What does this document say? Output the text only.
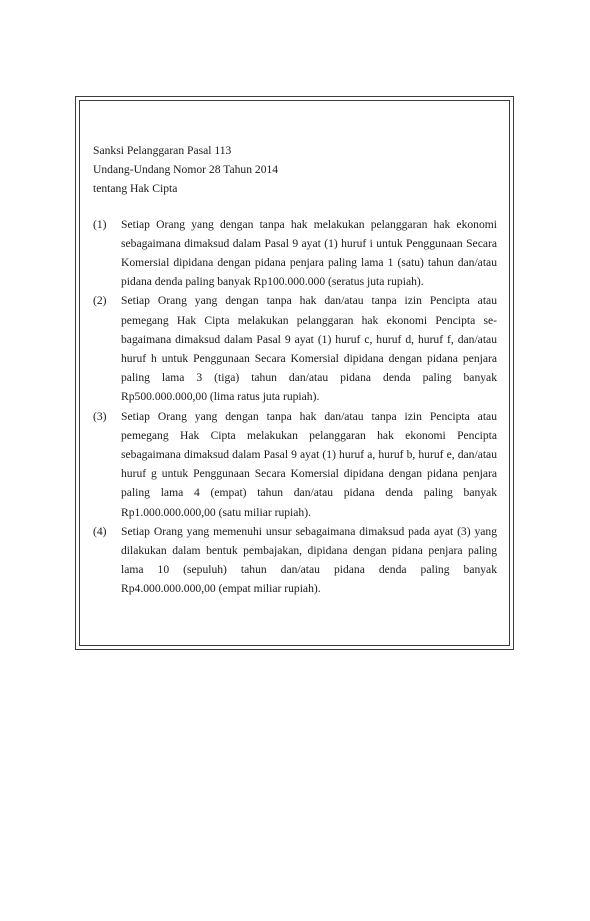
Sanksi Pelanggaran Pasal 113
Undang-Undang Nomor 28 Tahun 2014
tentang Hak Cipta
(1)	Setiap Orang yang dengan tanpa hak melakukan pelanggaran hak ekonomi sebagaimana dimaksud dalam Pasal 9 ayat (1) huruf i untuk Penggunaan Secara Komersial dipidana dengan pidana penjara paling lama 1 (satu) tahun dan/atau pidana denda paling banyak Rp100.000.000 (seratus juta rupiah).
(2)	Setiap Orang yang dengan tanpa hak dan/atau tanpa izin Pencipta atau pemegang Hak Cipta melakukan pelanggaran hak ekonomi Pencipta sebagaimana dimaksud dalam Pasal 9 ayat (1) huruf c, huruf d, huruf f, dan/atau huruf h untuk Penggunaan Secara Komersial dipidana dengan pidana penjara paling lama 3 (tiga) tahun dan/atau pidana denda paling banyak Rp500.000.000,00 (lima ratus juta rupiah).
(3)	Setiap Orang yang dengan tanpa hak dan/atau tanpa izin Pencipta atau pemegang Hak Cipta melakukan pelanggaran hak ekonomi Pencipta sebagaimana dimaksud dalam Pasal 9 ayat (1) huruf a, huruf b, huruf e, dan/atau huruf g untuk Penggunaan Secara Komersial dipidana dengan pidana penjara paling lama 4 (empat) tahun dan/atau pidana denda paling banyak Rp1.000.000.000,00 (satu miliar rupiah).
(4)	Setiap Orang yang memenuhi unsur sebagaimana dimaksud pada ayat (3) yang dilakukan dalam bentuk pembajakan, dipidana dengan pidana penjara paling lama 10 (sepuluh) tahun dan/atau pidana denda paling banyak Rp4.000.000.000,00 (empat miliar rupiah).
